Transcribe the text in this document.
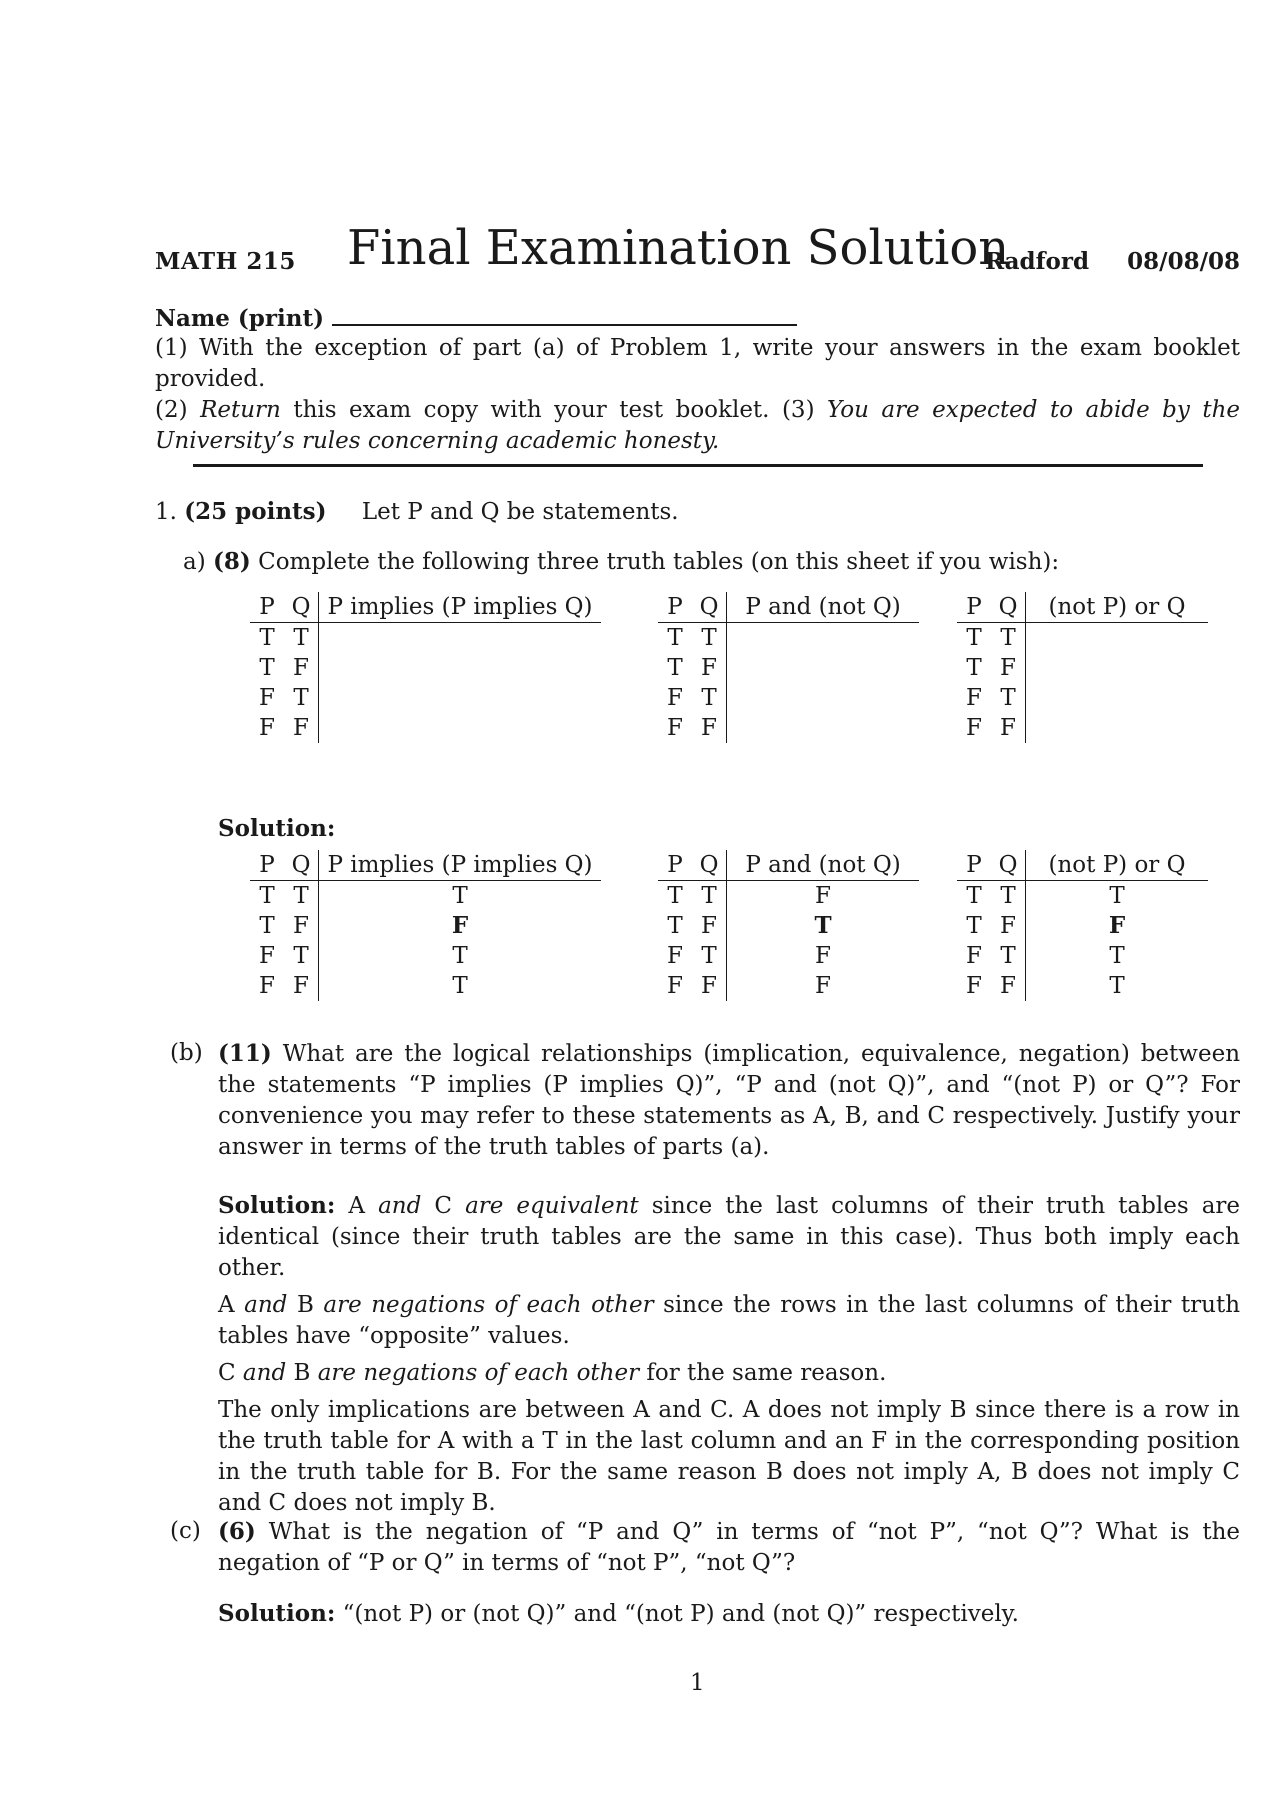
MATH 215 Final Examination Solution
Radford 08/08/08
Name (print)

(1) With the exception of part (a) of Problem 1, write your answers in the exam booklet provided.

(2) Return this exam copy with your test booklet. (3) You are expected to abide by the University’s rules concerning academic honesty.

1. (25 points) Let P and Q be statements.
a) (8) Complete the following three truth tables (on this sheet if you wish):
P	Q	P implies (P implies Q)
T	T	
T	F	
F	T	
F	F	
P	Q	P and (not Q)
T	T	
T	F	
F	T	
F	F	
P	Q	(not P) or Q
T	T	
T	F	
F	T	
F	F	
Solution:
P	Q	P implies (P implies Q)
T	T	T
T	F	F
F	T	T
F	F	T
P	Q	P and (not Q)
T	T	F
T	F	T
F	T	F
F	F	F
P	Q	(not P) or Q
T	T	T
T	F	F
F	T	T
F	F	T
(b) (11) What are the logical relationships (implication, equivalence, negation) between the statements “P implies (P implies Q)”, “P and (not Q)”, and “(not P) or Q”? For convenience you may refer to these statements as A, B, and C respectively. Justify your answer in terms of the truth tables of parts (a).

Solution: A and C are equivalent since the last columns of their truth tables are identical (since their truth tables are the same in this case). Thus both imply each other.

A and B are negations of each other since the rows in the last columns of their truth tables have “opposite” values.

C and B are negations of each other for the same reason.

The only implications are between A and C. A does not imply B since there is a row in the truth table for A with a T in the last column and an F in the corresponding position in the truth table for B. For the same reason B does not imply A, B does not imply C and C does not imply B.

(c) (6) What is the negation of “P and Q” in terms of “not P”, “not Q”? What is the negation of “P or Q” in terms of “not P”, “not Q”?
Solution: “(not P) or (not Q)” and “(not P) and (not Q)” respectively.
1
